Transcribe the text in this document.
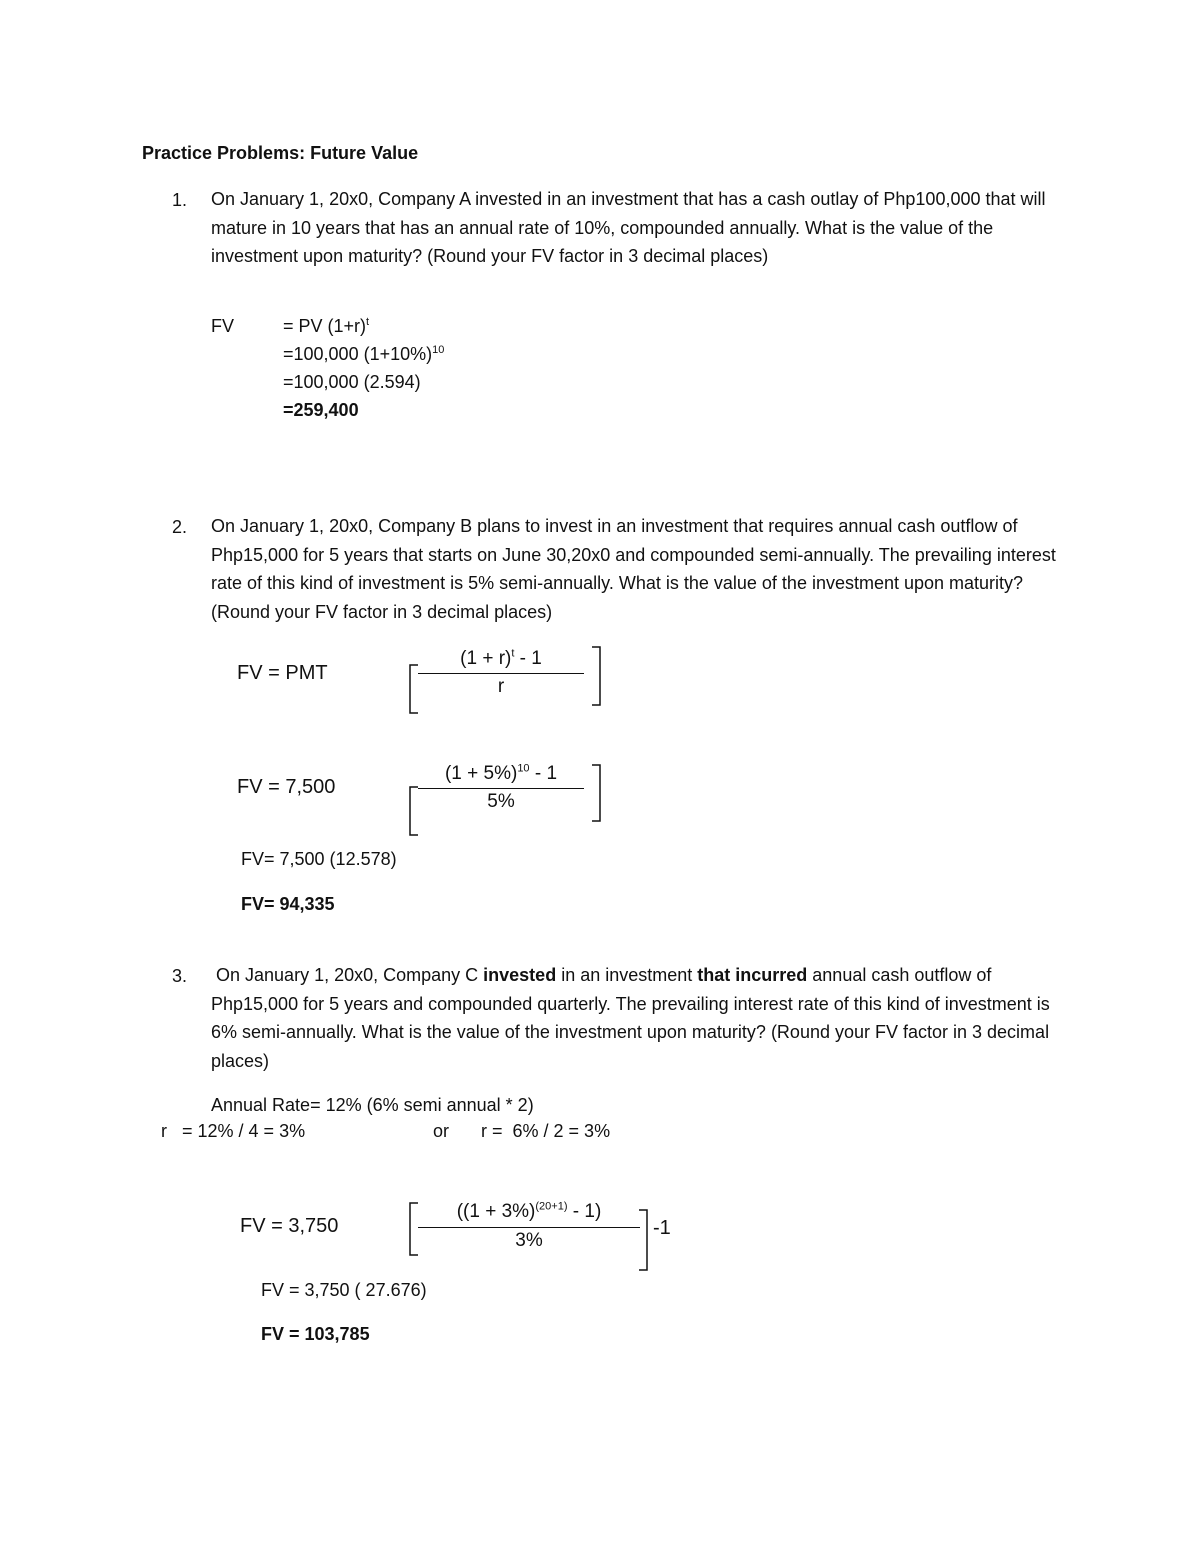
Practice Problems: Future Value
1. On January 1, 20x0, Company A invested in an investment that has a cash outlay of Php100,000 that will mature in 10 years that has an annual rate of 10%, compounded annually. What is the value of the investment upon maturity? (Round your FV factor in 3 decimal places)
FV	= PV $(1+r)^t$
=100,000 $(1+10\%)^{10}$
=100,000 (2.594)
=259,400
2. On January 1, 20x0, Company B plans to invest in an investment that requires annual cash outflow of Php15,000 for 5 years that starts on June 30,20x0 and compounded semi-annually. The prevailing interest rate of this kind of investment is 5% semi-annually. What is the value of the investment upon maturity? (Round your FV factor in 3 decimal places)
FV = PMT
$(1 + r)^t - 1$
r
FV = 7,500
$(1 + 5\%)^{10} - 1$
5%
FV= 7,500 (12.578)
FV= 94,335
3. On January 1, 20x0, Company C invested in an investment that incurred annual cash outflow of Php15,000 for 5 years and compounded quarterly. The prevailing interest rate of this kind of investment is 6% semi-annually. What is the value of the investment upon maturity? (Round your FV factor in 3 decimal places)
Annual Rate= 12% (6% semi annual * 2)
r   = 12% / 4 = 3%	or r =  6% / 2 = 3%
FV = 3,750
$((1 + 3\%)^{(20+1)} - 1)$
3%
-1
FV = 3,750 ( 27.676)
FV = 103,785
